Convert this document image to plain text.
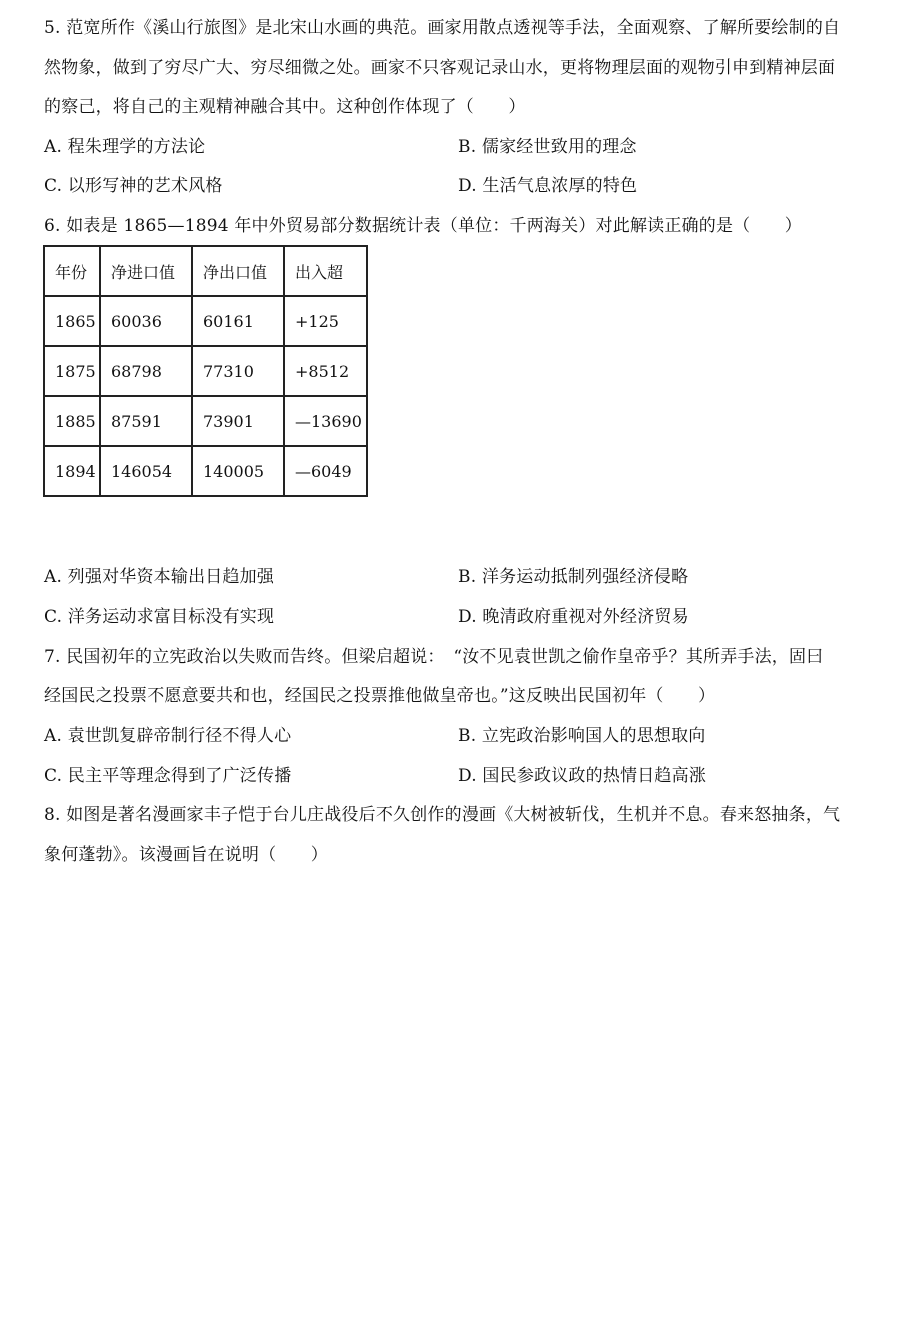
5. 范宽所作《溪山行旅图》是北宋山水画的典范。画家用散点透视等手法，全面观察、了解所要绘制的自
然物象，做到了穷尽广大、穷尽细微之处。画家不只客观记录山水，更将物理层面的观物引申到精神层面
的察己，将自己的主观精神融合其中。这种创作体现了（　　）
A. 程朱理学的方法论	B. 儒家经世致用的理念
C. 以形写神的艺术风格	D. 生活气息浓厚的特色
6. 如表是 1865—1894 年中外贸易部分数据统计表（单位：千两海关）对此解读正确的是（　　）
年份	净进口值	净出口值	出入超
1865	60036	60161	+125
1875	68798	77310	+8512
1885	87591	73901	—13690
1894	146054	140005	—6049
A. 列强对华资本输出日趋加强	B. 洋务运动抵制列强经济侵略
C. 洋务运动求富目标没有实现	D. 晚清政府重视对外经济贸易
7. 民国初年的立宪政治以失败而告终。但梁启超说：　“汝不见袁世凯之偷作皇帝乎？其所弄手法，固曰
经国民之投票不愿意要共和也，经国民之投票推他做皇帝也。”这反映出民国初年（　　）
A. 袁世凯复辟帝制行径不得人心	B. 立宪政治影响国人的思想取向
C. 民主平等理念得到了广泛传播	D. 国民参政议政的热情日趋高涨
8. 如图是著名漫画家丰子恺于台儿庄战役后不久创作的漫画《大树被斩伐，生机并不息。春来怒抽条，气
象何蓬勃》。该漫画旨在说明（　　）
